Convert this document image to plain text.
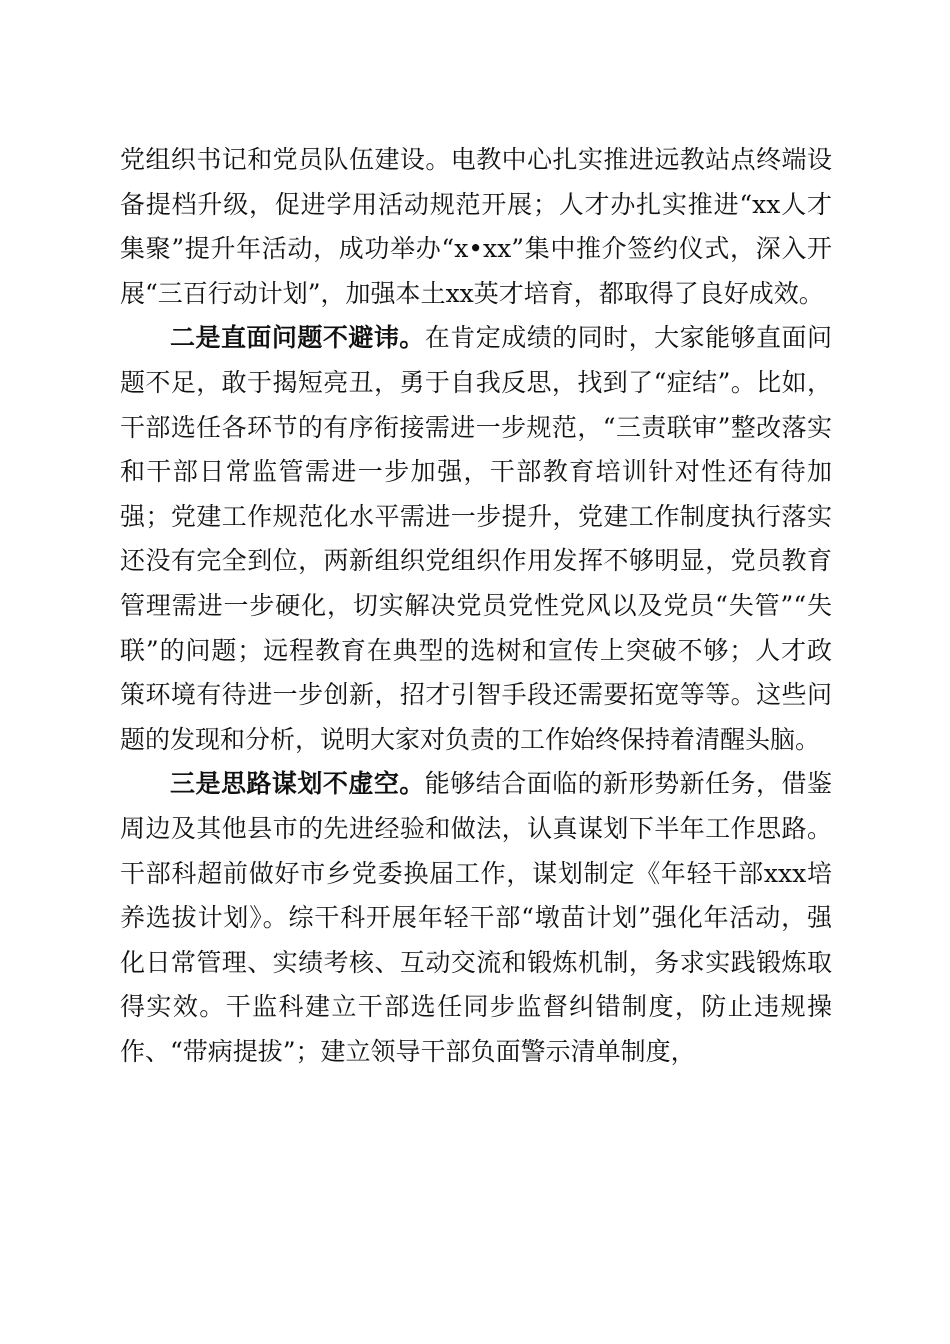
党组织书记和党员队伍建设。电教中心扎实推进远教站点终端设备提档升级，促进学用活动规范开展；人才办扎实推进“xx人才集聚”提升年活动，成功举办“x•xx”集中推介签约仪式，深入开展“三百行动计划”，加强本土xx英才培育，都取得了良好成效。

二是直面问题不避讳。在肯定成绩的同时，大家能够直面问题不足，敢于揭短亮丑，勇于自我反思，找到了“症结”。比如，干部选任各环节的有序衔接需进一步规范，“三责联审”整改落实和干部日常监管需进一步加强，干部教育培训针对性还有待加强；党建工作规范化水平需进一步提升，党建工作制度执行落实还没有完全到位，两新组织党组织作用发挥不够明显，党员教育管理需进一步硬化，切实解决党员党性党风以及党员“失管”“失联”的问题；远程教育在典型的选树和宣传上突破不够；人才政策环境有待进一步创新，招才引智手段还需要拓宽等等。这些问题的发现和分析，说明大家对负责的工作始终保持着清醒头脑。

三是思路谋划不虚空。能够结合面临的新形势新任务，借鉴周边及其他县市的先进经验和做法，认真谋划下半年工作思路。干部科超前做好市乡党委换届工作，谋划制定《年轻干部xxx培养选拔计划》。综干科开展年轻干部“墩苗计划”强化年活动，强化日常管理、实绩考核、互动交流和锻炼机制，务求实践锻炼取得实效。干监科建立干部选任同步监督纠错制度，防止违规操作、“带病提拔”；建立领导干部负面警示清单制度，
